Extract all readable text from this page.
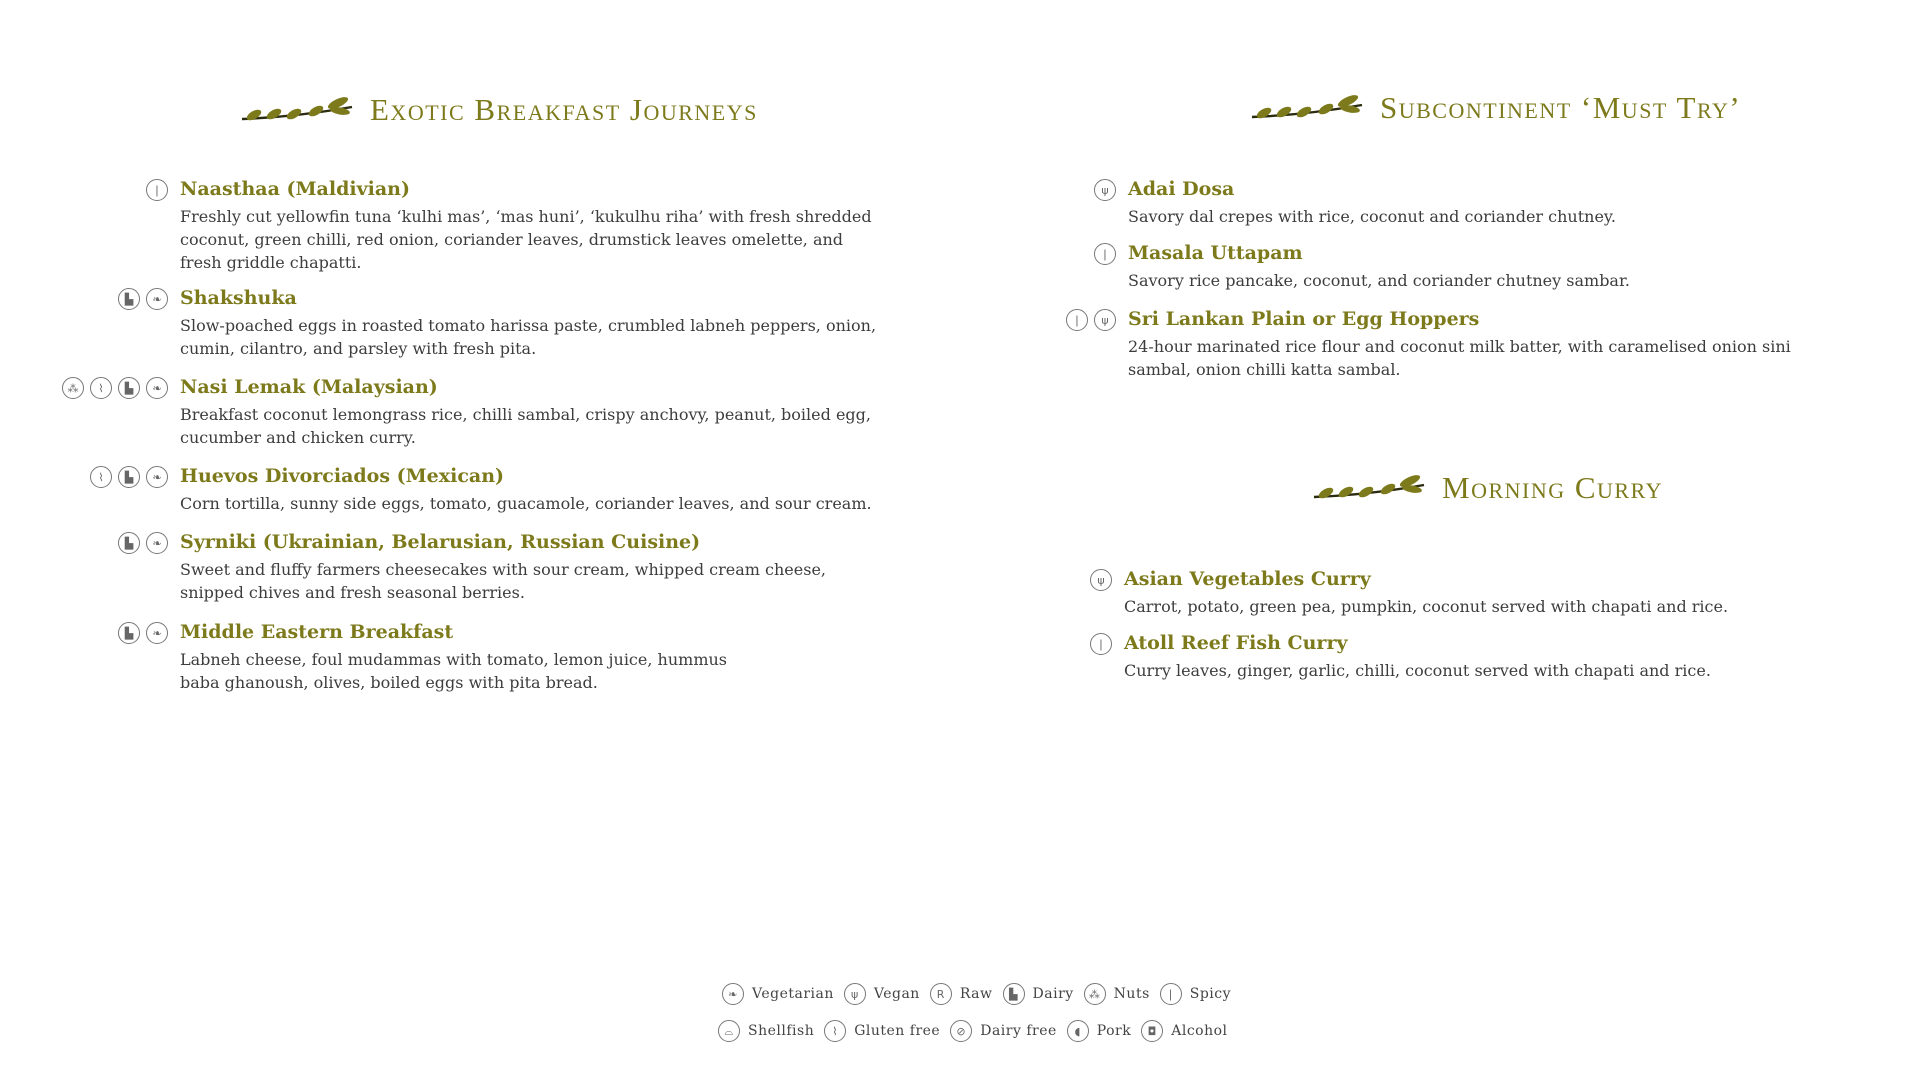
Exotic Breakfast Journeys	Subcontinent ‘Must Try’
Morning Curry
❘ Naasthaa (Maldivian)
Freshly cut yellowfin tuna ‘kulhi mas’, ‘mas huni’, ‘kukulhu riha’ with fresh shredded coconut, green chilli, red onion, coriander leaves, drumstick leaves omelette, and fresh griddle chapatti.
▙	❧ Shakshuka
Slow-poached eggs in roasted tomato harissa paste, crumbled labneh peppers, onion, cumin, cilantro, and parsley with fresh pita.
⁂	⌇	▙	❧ Nasi Lemak (Malaysian)
Breakfast coconut lemongrass rice, chilli sambal, crispy anchovy, peanut, boiled egg, cucumber and chicken curry.
⌇	▙	❧ Huevos Divorciados (Mexican)
Corn tortilla, sunny side eggs, tomato, guacamole, coriander leaves, and sour cream.
▙	❧ Syrniki (Ukrainian, Belarusian, Russian Cuisine)
Sweet and fluffy farmers cheesecakes with sour cream, whipped cream cheese, snipped chives and fresh seasonal berries.
▙	❧ Middle Eastern Breakfast
Labneh cheese, foul mudammas with tomato, lemon juice, hummus baba ghanoush, olives, boiled eggs with pita bread.
ψ	Adai Dosa
Savory dal crepes with rice, coconut and coriander chutney.
❘ Masala Uttapam
Savory rice pancake, coconut, and coriander chutney sambar.
❘	ψ	Sri Lankan Plain or Egg Hoppers
24-hour marinated rice flour and coconut milk batter, with caramelised onion sini sambal, onion chilli katta sambal.
ψ	Asian Vegetables Curry
Carrot, potato, green pea, pumpkin, coconut served with chapati and rice.
❘ Atoll Reef Fish Curry
Curry leaves, ginger, garlic, chilli, coconut served with chapati and rice.
❧	Vegetarian	ψ	Vegan	R	Raw	▙	Dairy	⁂ Nuts	❘	Spicy
⌓	Shellfish	⌇	Gluten free	⊘	Dairy free	◖	Pork	◘	Alcohol
